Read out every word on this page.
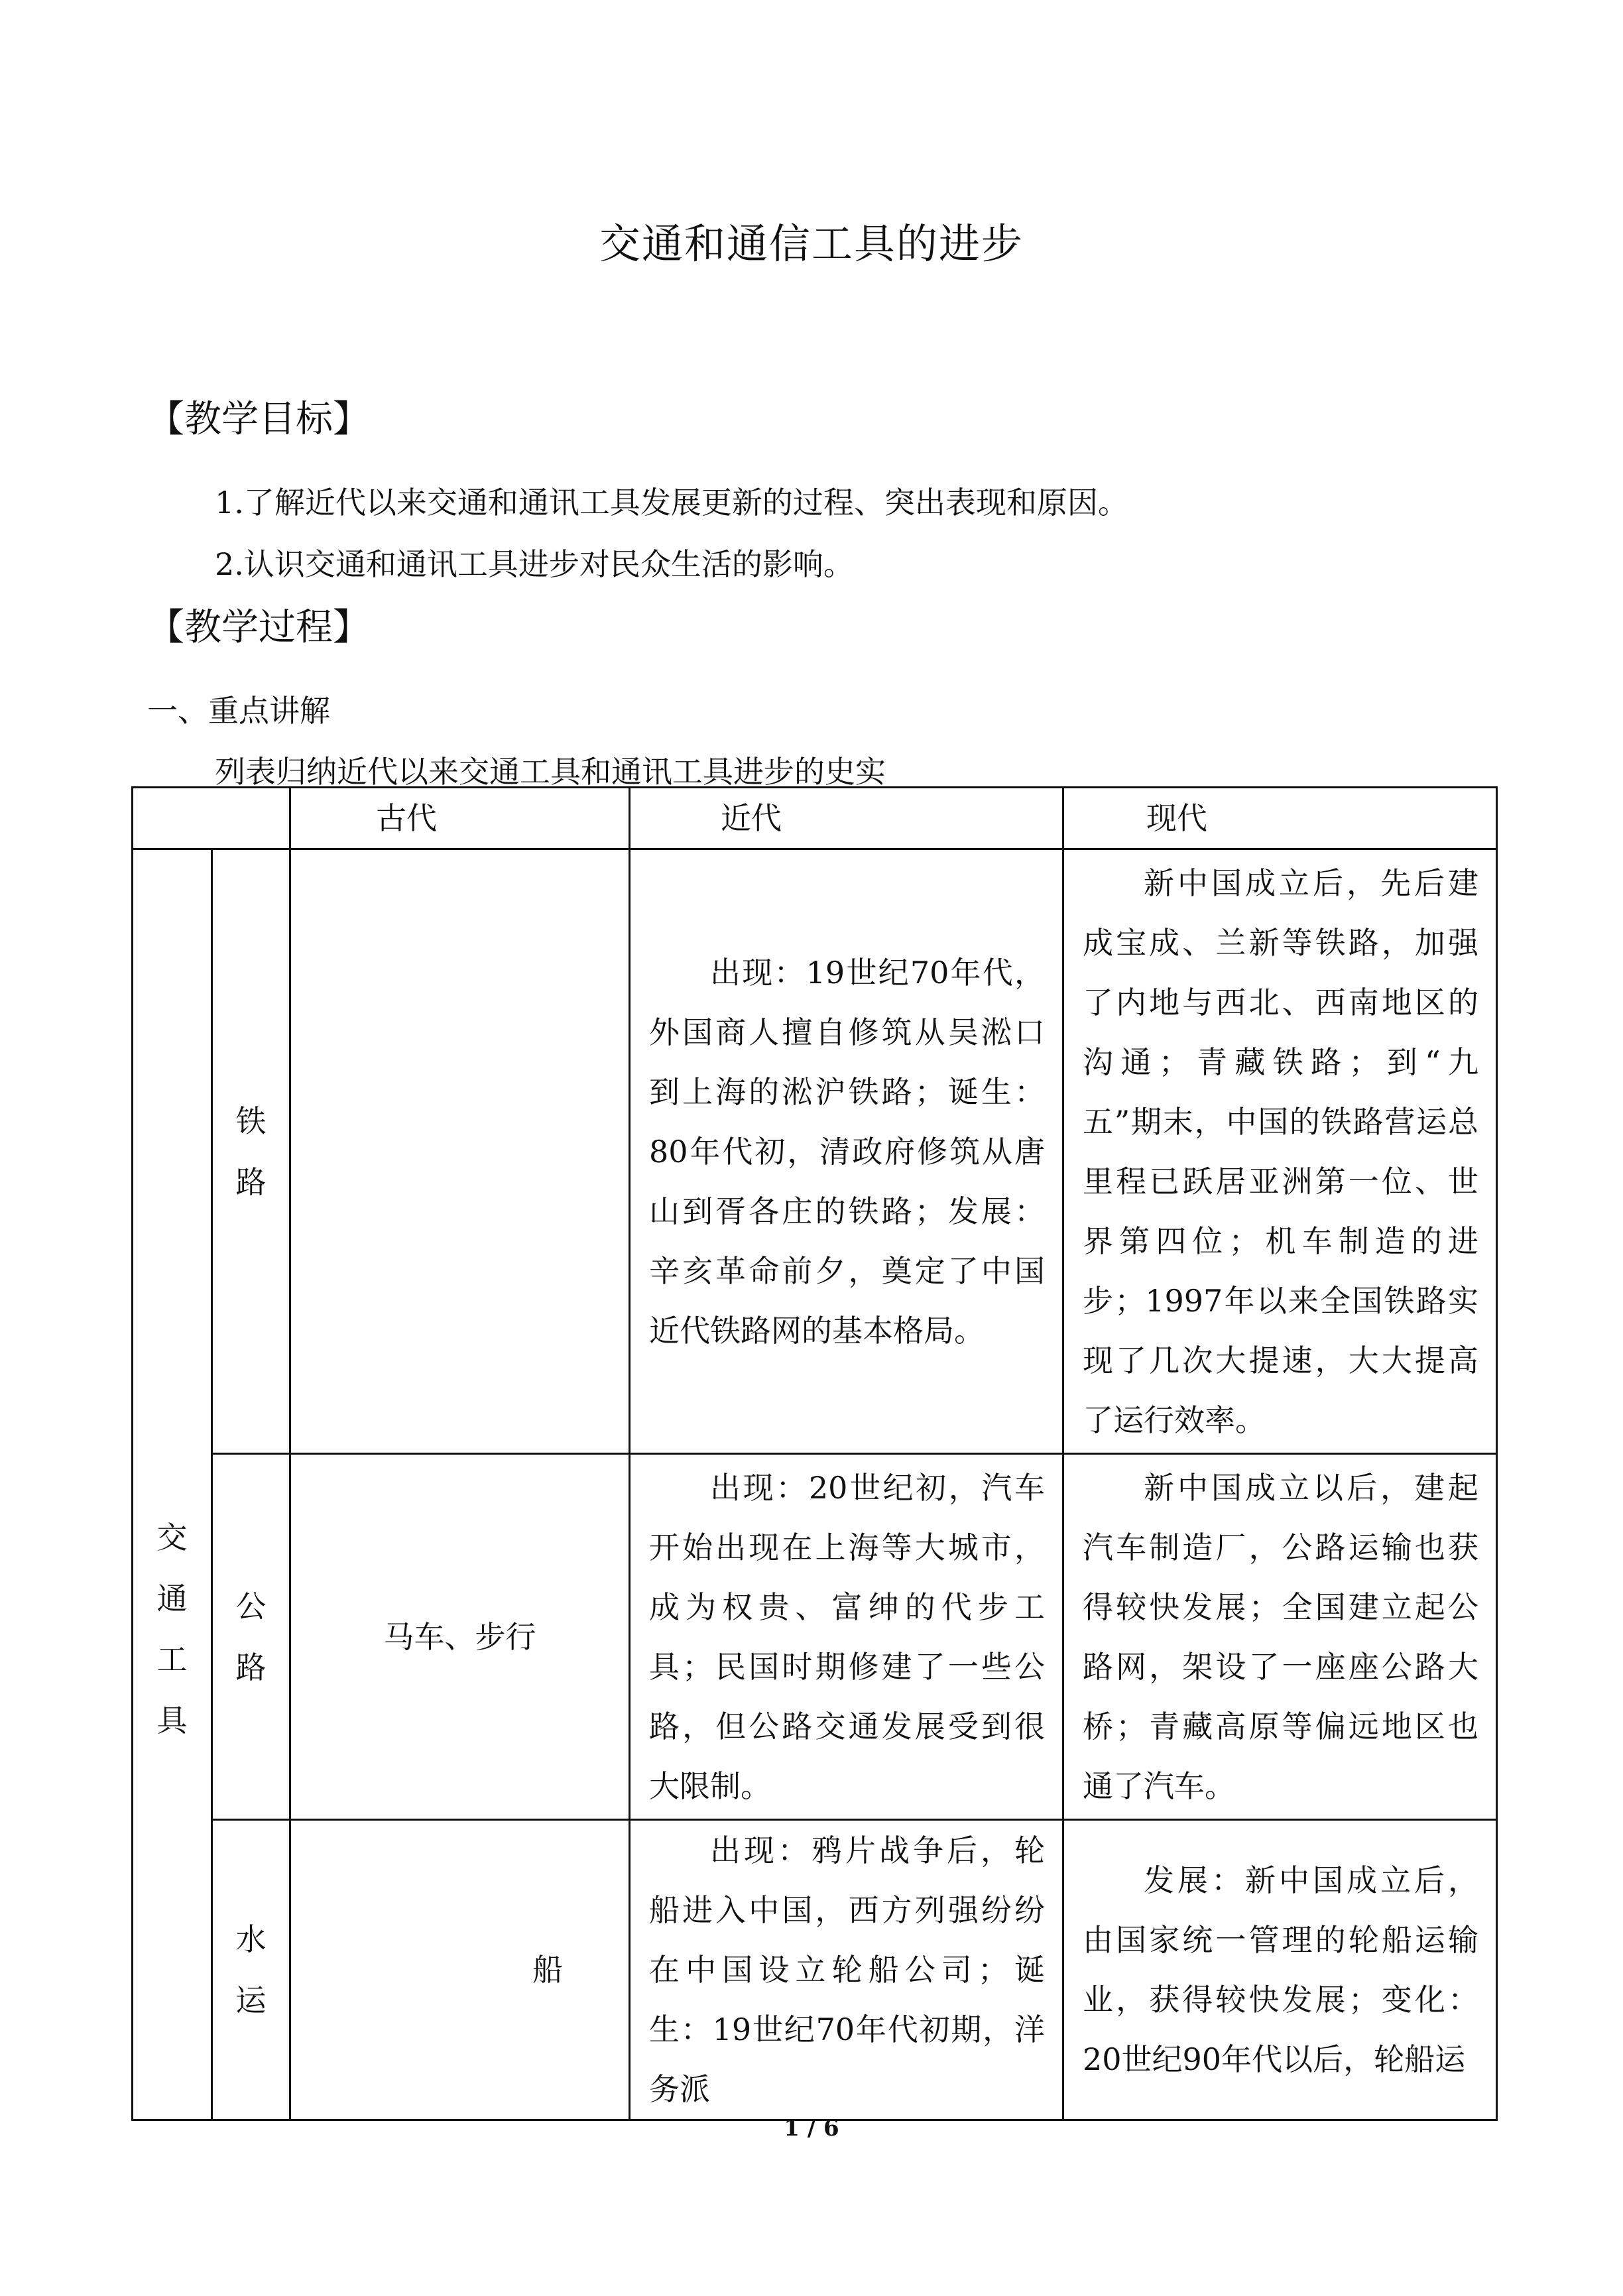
交通和通信工具的进步
【教学目标】
1.了解近代以来交通和通讯工具发展更新的过程、突出表现和原因。
2.认识交通和通讯工具进步对民众生活的影响。
【教学过程】
一、重点讲解
列表归纳近代以来交通工具和通讯工具进步的史实
		古代	近代	现代

交通工具	铁路		出现：19世纪70年代，外国商人擅自修筑从吴淞口到上海的淞沪铁路；诞生：80年代初，清政府修筑从唐山到胥各庄的铁路；发展：辛亥革命前夕，奠定了中国近代铁路网的基本格局。	新中国成立后，先后建成宝成、兰新等铁路，加强了内地与西北、西南地区的沟通；青藏铁路；到“九五”期末，中国的铁路营运总里程已跃居亚洲第一位、世界第四位；机车制造的进步；1997年以来全国铁路实现了几次大提速，大大提高了运行效率。

	公路	马车、步行	出现：20世纪初，汽车开始出现在上海等大城市，成为权贵、富绅的代步工具；民国时期修建了一些公路，但公路交通发展受到很大限制。	新中国成立以后，建起汽车制造厂，公路运输也获得较快发展；全国建立起公路网，架设了一座座公路大桥；青藏高原等偏远地区也通了汽车。

	水运	船	出现：鸦片战争后，轮船进入中国，西方列强纷纷在中国设立轮船公司；诞生：19世纪70年代初期，洋务派	发展：新中国成立后，由国家统一管理的轮船运输业，获得较快发展；变化：20世纪90年代以后，轮船运
1 / 6
